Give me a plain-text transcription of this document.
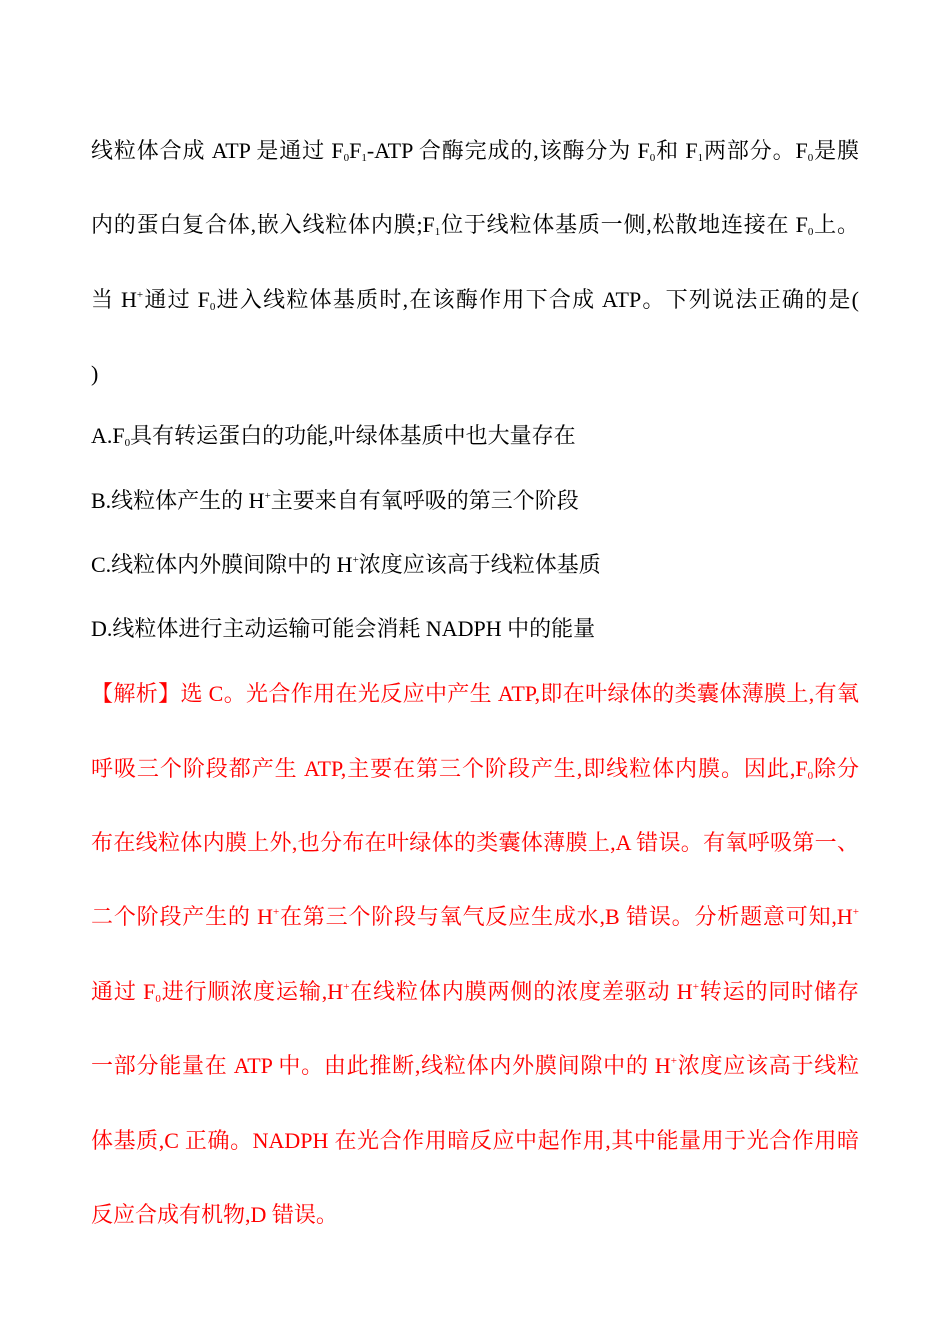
线粒体合成 ATP 是通过 $F_0F_1$-ATP 合酶完成的,该酶分为 $F_0$和 $F_1$两部分。$F_0$是膜
内的蛋白复合体,嵌入线粒体内膜$;F_1$位于线粒体基质一侧,松散地连接在 $F_0$上。
当 H+通过 $F_0$进入线粒体基质时,在该酶作用下合成 ATP。下列说法正确的是(
)
$A.F_0$具有转运蛋白的功能,叶绿体基质中也大量存在
B.线粒体产生的 H+主要来自有氧呼吸的第三个阶段
C.线粒体内外膜间隙中的 H+浓度应该高于线粒体基质
D.线粒体进行主动运输可能会消耗 NADPH 中的能量
【解析】选 C。光合作用在光反应中产生 ATP,即在叶绿体的类囊体薄膜上,有氧
呼吸三个阶段都产生 ATP,主要在第三个阶段产生,即线粒体内膜。因此$,F_0$除分
布在线粒体内膜上外,也分布在叶绿体的类囊体薄膜上,A 错误。有氧呼吸第一、
二个阶段产生的 H+在第三个阶段与氧气反应生成水,B 错误。分析题意可知,H+
通过 $F_0$进行顺浓度运输,H+在线粒体内膜两侧的浓度差驱动 H+转运的同时储存
一部分能量在 ATP 中。由此推断,线粒体内外膜间隙中的 H+浓度应该高于线粒
体基质,C 正确。NADPH 在光合作用暗反应中起作用,其中能量用于光合作用暗
反应合成有机物,D 错误。
